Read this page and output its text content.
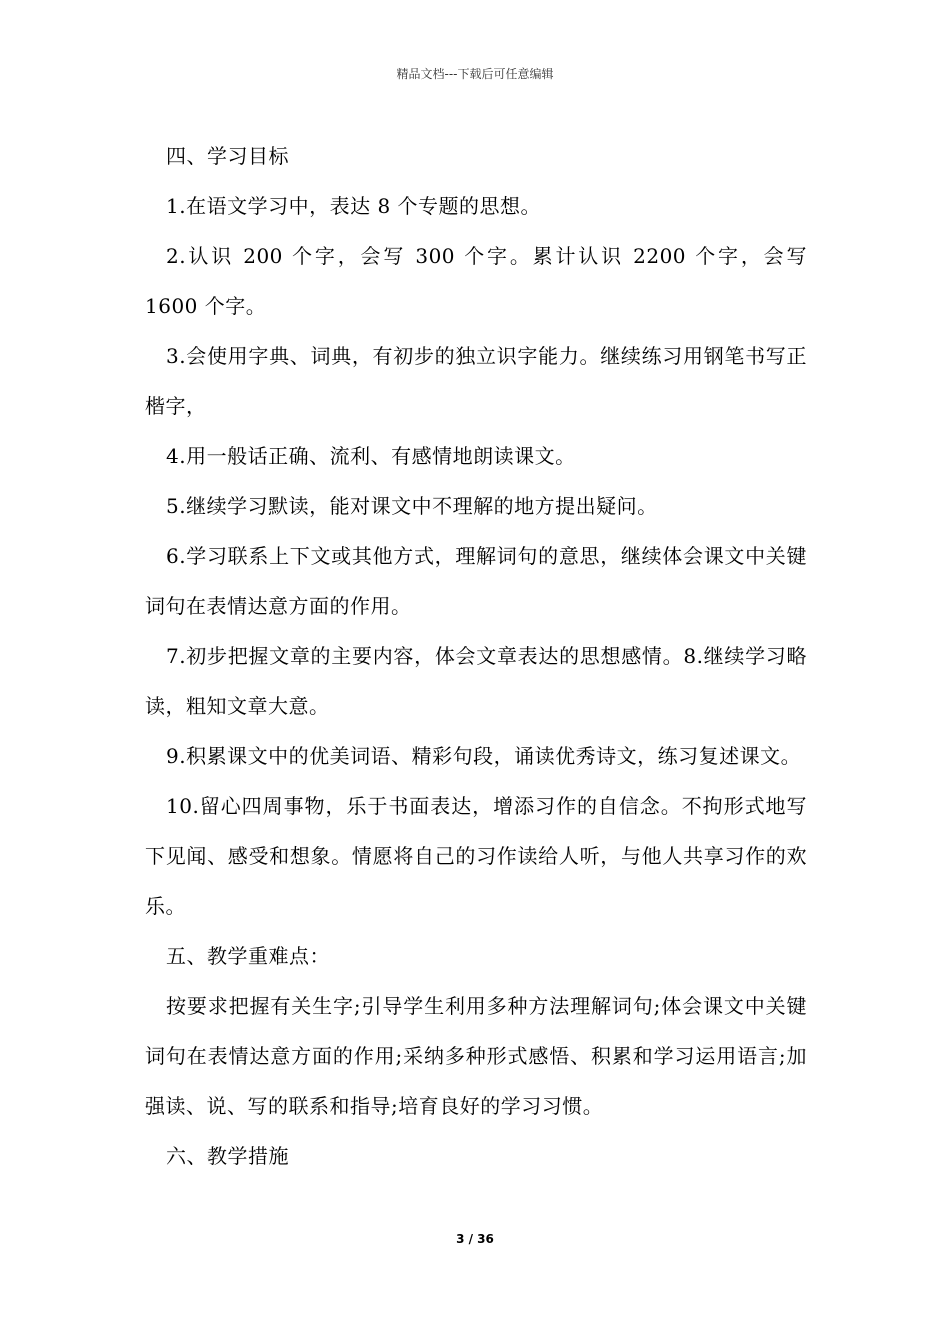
精品文档---下载后可任意编辑

四、学习目标

1.在语文学习中，表达 8 个专题的思想。

2.认识 200 个字，会写 300 个字。累计认识 2200 个字，会写 1600 个字。

3.会使用字典、词典，有初步的独立识字能力。继续练习用钢笔书写正楷字，

4.用一般话正确、流利、有感情地朗读课文。

5.继续学习默读，能对课文中不理解的地方提出疑问。

6.学习联系上下文或其他方式，理解词句的意思，继续体会课文中关键词句在表情达意方面的作用。

7.初步把握文章的主要内容，体会文章表达的思想感情。8.继续学习略读，粗知文章大意。

9.积累课文中的优美词语、精彩句段，诵读优秀诗文，练习复述课文。

10.留心四周事物，乐于书面表达，增添习作的自信念。不拘形式地写下见闻、感受和想象。情愿将自己的习作读给人听，与他人共享习作的欢乐。

五、教学重难点：

按要求把握有关生字;引导学生利用多种方法理解词句;体会课文中关键词句在表情达意方面的作用;采纳多种形式感悟、积累和学习运用语言;加强读、说、写的联系和指导;培育良好的学习习惯。

六、教学措施

3 / 36
